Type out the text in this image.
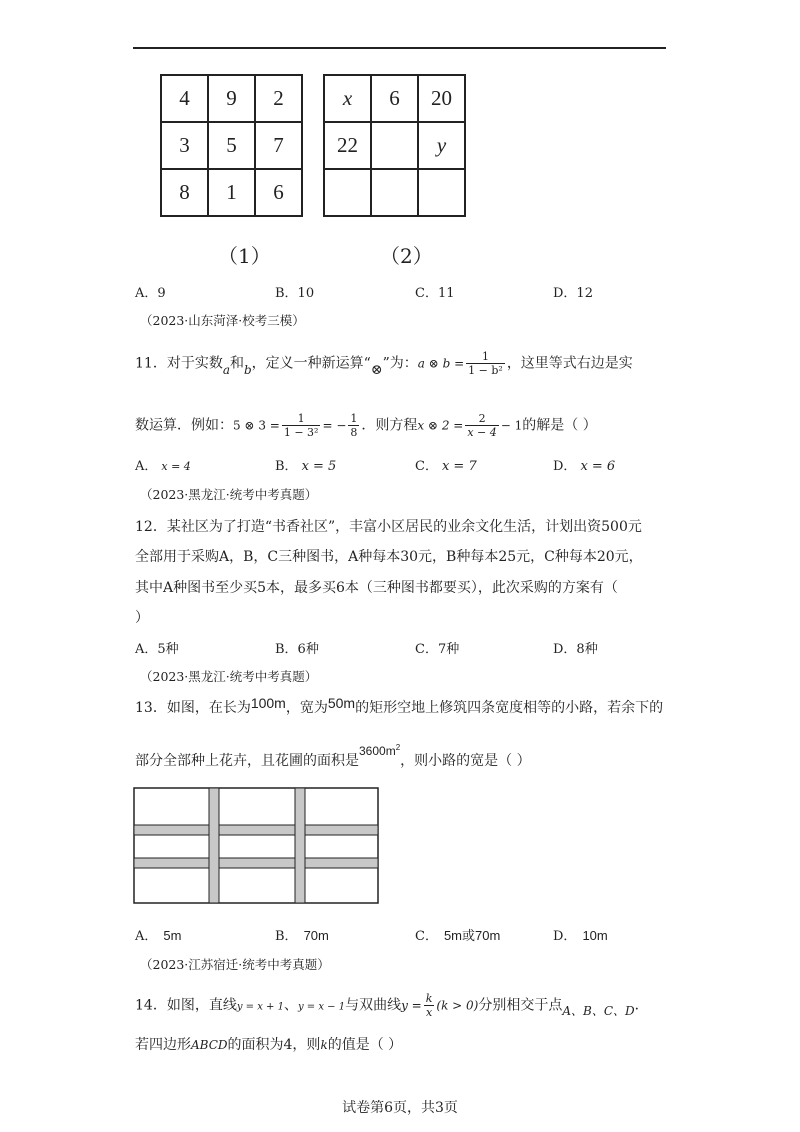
4	9	2
3	5	7
8	1	6
x	6	20
22		y

（1）	（2）
A．9	B．10	C．11	D．12
（2023·山东菏泽·校考三模）
11．对于实数a和b，定义一种新运算“⊗”为：a ⊗ $b = \frac{1}{\text{1 − b²}}$ ，这里等式右边是实
数运算．例如：5 ⊗ $3 = \frac{1}{\text{1 − 3²}}$ = − $\frac{1}{8}$ ．则方程x ⊗ $2 = \frac{2}{x - 4} - 1$的解是（ ）
A． x = 4	B． x = 5	C． x = 7	D． x = 6
（2023·黑龙江·统考中考真题）
12．某社区为了打造“书香社区”，丰富小区居民的业余文化生活，计划出资500元
全部用于采购A，B，C三种图书，A种每本30元，B种每本25元，C种每本20元，
其中A种图书至少买5本，最多买6本（三种图书都要买），此次采购的方案有（
）
A．5种	B．6种	C．7种	D．8种
（2023·黑龙江·统考中考真题）
13．如图，在长为100m，宽为50m的矩形空地上修筑四条宽度相等的小路，若余下的
部分全部种上花卉，且花圃的面积是$3600m^2$，则小路的宽是（ ）
A． 5m	B． 70m	C． 5m或70m	D． 10m
（2023·江苏宿迁·统考中考真题）
14．如图，直线y = x + 1、y = x − 1与双曲线$y = \frac{k}{x} (k > 0)$分别相交于点A、B、C、D．
若四边形ABCD的面积为4，则k的值是（ ）
试卷第6页，共3页
